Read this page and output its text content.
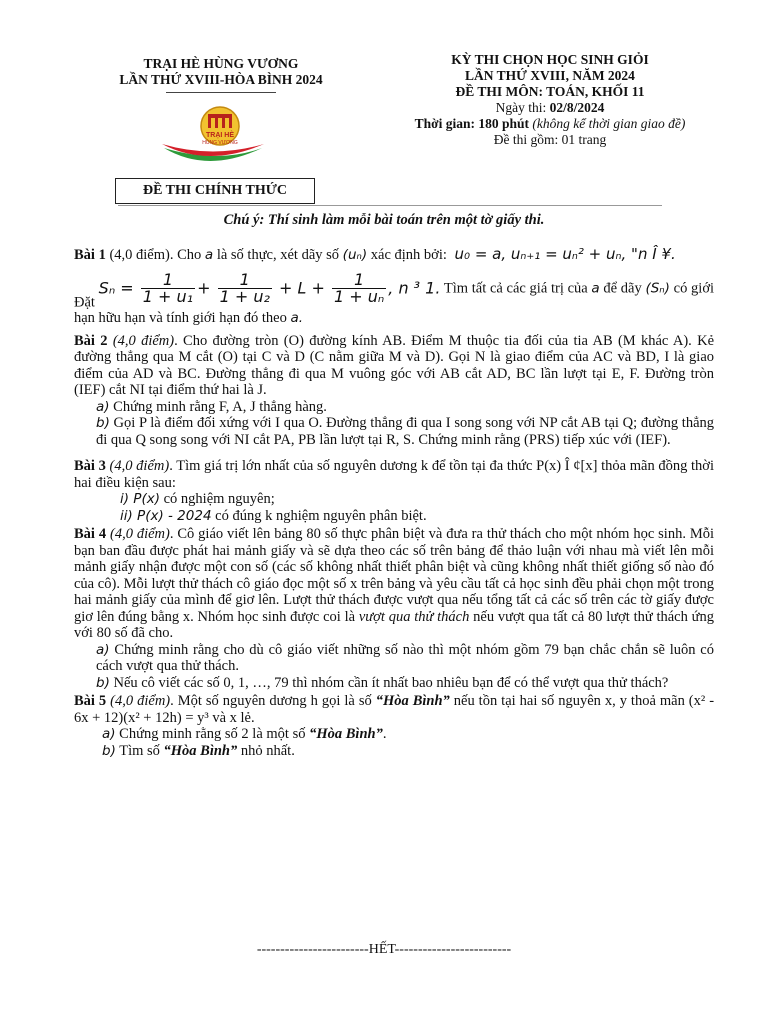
TRẠI HÈ HÙNG VƯƠNG
LẦN THỨ XVIII-HÒA BÌNH 2024
TRẠI HÈ
HÙNG VƯƠNG
ĐỀ THI CHÍNH THỨC
KỲ THI CHỌN HỌC SINH GIỎI
LẦN THỨ XVIII, NĂM 2024
ĐỀ THI MÔN: TOÁN, KHỐI 11
Ngày thi: 02/8/2024
Thời gian: 180 phút (không kể thời gian giao đề)
Đề thi gồm: 01 trang
Chú ý: Thí sinh làm mỗi bài toán trên một tờ giấy thi.

Bài 1 (4,0 điểm). Cho a là số thực, xét dãy số (uₙ) xác định bởi: u₀ = a, uₙ₊₁ = uₙ² + uₙ, "n Î ¥.

Đặt $S_n = \frac{1}{\text{1 + u₁}} + \frac{1}{\text{1 + u₂}} + L + \frac{1}{\text{1 + uₙ}}$ , n ³ 1. Tìm tất cả các giá trị của a để dãy (Sₙ) có giới hạn hữu hạn và tính giới hạn đó theo a.

Bài 2 (4,0 điểm). Cho đường tròn (O) đường kính AB. Điểm M thuộc tia đối của tia AB (M khác A). Kẻ đường thẳng qua M cắt (O) tại C và D (C nằm giữa M và D). Gọi N là giao điểm của AC và BD, I là giao điểm của AD và BC. Đường thẳng đi qua M vuông góc với AB cắt AD, BC lần lượt tại E, F. Đường tròn (IEF) cắt NI tại điểm thứ hai là J.

a) Chứng minh rằng F, A, J thẳng hàng.

b) Gọi P là điểm đối xứng với I qua O. Đường thẳng đi qua I song song với NP cắt AB tại Q; đường thẳng đi qua Q song song với NI cắt PA, PB lần lượt tại R, S. Chứng minh rằng (PRS) tiếp xúc với (IEF).

Bài 3 (4,0 điểm). Tìm giá trị lớn nhất của số nguyên dương k để tồn tại đa thức P(x) Î ¢[x] thỏa mãn đồng thời hai điều kiện sau:

i) P(x) có nghiệm nguyên;

ii) P(x) - 2024 có đúng k nghiệm nguyên phân biệt.

Bài 4 (4,0 điểm). Cô giáo viết lên bảng 80 số thực phân biệt và đưa ra thử thách cho một nhóm học sinh. Mỗi bạn ban đầu được phát hai mảnh giấy và sẽ dựa theo các số trên bảng để thảo luận với nhau mà viết lên mỗi mảnh giấy nhận được một con số (các số không nhất thiết phân biệt và cũng không nhất thiết giống số nào đó của cô). Mỗi lượt thử thách cô giáo đọc một số x trên bảng và yêu cầu tất cả học sinh đều phải chọn một trong hai mảnh giấy của mình để giơ lên. Lượt thử thách được vượt qua nếu tổng tất cả các số trên các tờ giấy được giơ lên đúng bằng x. Nhóm học sinh được coi là vượt qua thử thách nếu vượt qua tất cả 80 lượt thử thách ứng với 80 số đã cho.

a) Chứng minh rằng cho dù cô giáo viết những số nào thì một nhóm gồm 79 bạn chắc chắn sẽ luôn có cách vượt qua thử thách.

b) Nếu cô viết các số 0, 1, …, 79 thì nhóm cần ít nhất bao nhiêu bạn để có thể vượt qua thử thách?

Bài 5 (4,0 điểm). Một số nguyên dương h gọi là số “Hòa Bình” nếu tồn tại hai số nguyên x, y thoả mãn (x² - 6x + 12)(x² + 12h) = y³ và x lẻ.

a) Chứng minh rằng số 2 là một số “Hòa Bình”.

b) Tìm số “Hòa Bình” nhỏ nhất.

------------------------HẾT-------------------------
